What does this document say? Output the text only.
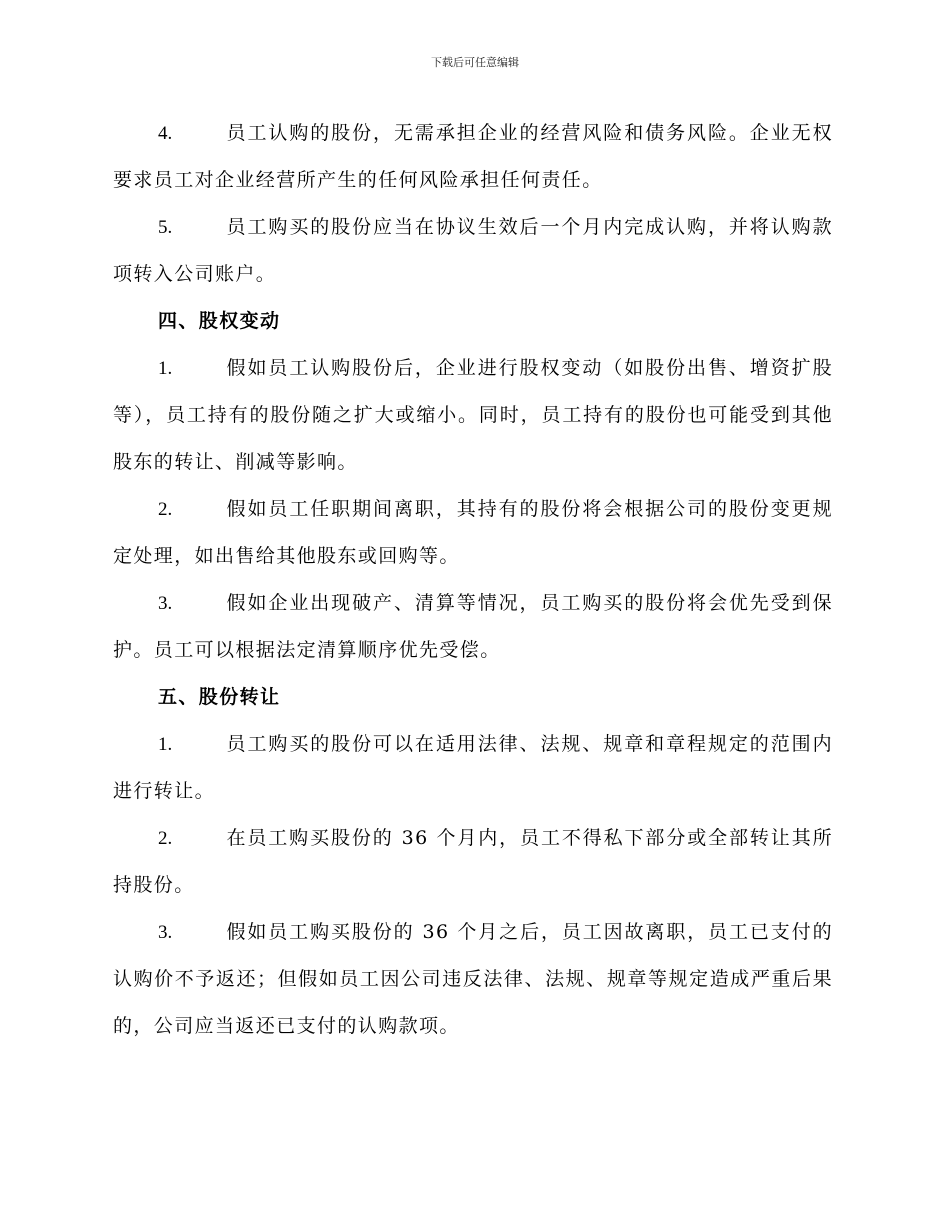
下载后可任意编辑

4.	员工认购的股份，无需承担企业的经营风险和债务风险。企业无权要求员工对企业经营所产生的任何风险承担任何责任。

5.	员工购买的股份应当在协议生效后一个月内完成认购，并将认购款项转入公司账户。

四、股权变动

1.	假如员工认购股份后，企业进行股权变动（如股份出售、增资扩股等），员工持有的股份随之扩大或缩小。同时，员工持有的股份也可能受到其他股东的转让、削减等影响。

2.	假如员工任职期间离职，其持有的股份将会根据公司的股份变更规定处理，如出售给其他股东或回购等。

3.	假如企业出现破产、清算等情况，员工购买的股份将会优先受到保护。员工可以根据法定清算顺序优先受偿。

五、股份转让

1.	员工购买的股份可以在适用法律、法规、规章和章程规定的范围内进行转让。

2.	在员工购买股份的 36 个月内，员工不得私下部分或全部转让其所持股份。

3.	假如员工购买股份的 36 个月之后，员工因故离职，员工已支付的认购价不予返还；但假如员工因公司违反法律、法规、规章等规定造成严重后果的，公司应当返还已支付的认购款项。
